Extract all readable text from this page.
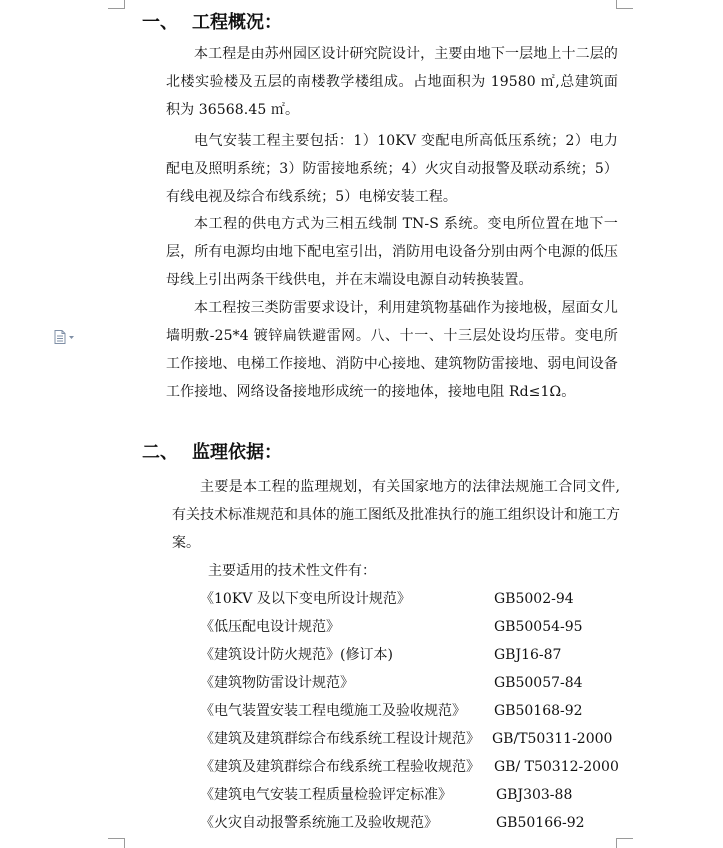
一、 工程概况：
本工程是由苏州园区设计研究院设计，主要由地下一层地上十二层的北楼实验楼及五层的南楼教学楼组成。占地面积为 19580 ㎡,总建筑面积为 36568.45 ㎡。
电气安装工程主要包括：1）10KV 变配电所高低压系统；2）电力配电及照明系统；3）防雷接地系统；4）火灾自动报警及联动系统；5）有线电视及综合布线系统；5）电梯安装工程。
本工程的供电方式为三相五线制 TN-S 系统。变电所位置在地下一层，所有电源均由地下配电室引出，消防用电设备分别由两个电源的低压母线上引出两条干线供电，并在末端设电源自动转换装置。
本工程按三类防雷要求设计，利用建筑物基础作为接地极，屋面女儿墙明敷-25*4 镀锌扁铁避雷网。八、十一、十三层处设均压带。变电所工作接地、电梯工作接地、消防中心接地、建筑物防雷接地、弱电间设备工作接地、网络设备接地形成统一的接地体，接地电阻 Rd≤1Ω。
二、 监理依据：
主要是本工程的监理规划，有关国家地方的法律法规施工合同文件,有关技术标准规范和具体的施工图纸及批准执行的施工组织设计和施工方案。
主要适用的技术性文件有：
《10KV 及以下变电所设计规范》	GB5002-94
《低压配电设计规范》	GB50054-95
《建筑设计防火规范》(修订本)	GBJ16-87
《建筑物防雷设计规范》	GB50057-84
《电气装置安装工程电缆施工及验收规范》 GB50168-92
《建筑及建筑群综合布线系统工程设计规范》 GB/T50311-2000
《建筑及建筑群综合布线系统工程验收规范》 GB/ T50312-2000
《建筑电气安装工程质量检验评定标准》	GBJ303-88
《火灾自动报警系统施工及验收规范》	GB50166-92
